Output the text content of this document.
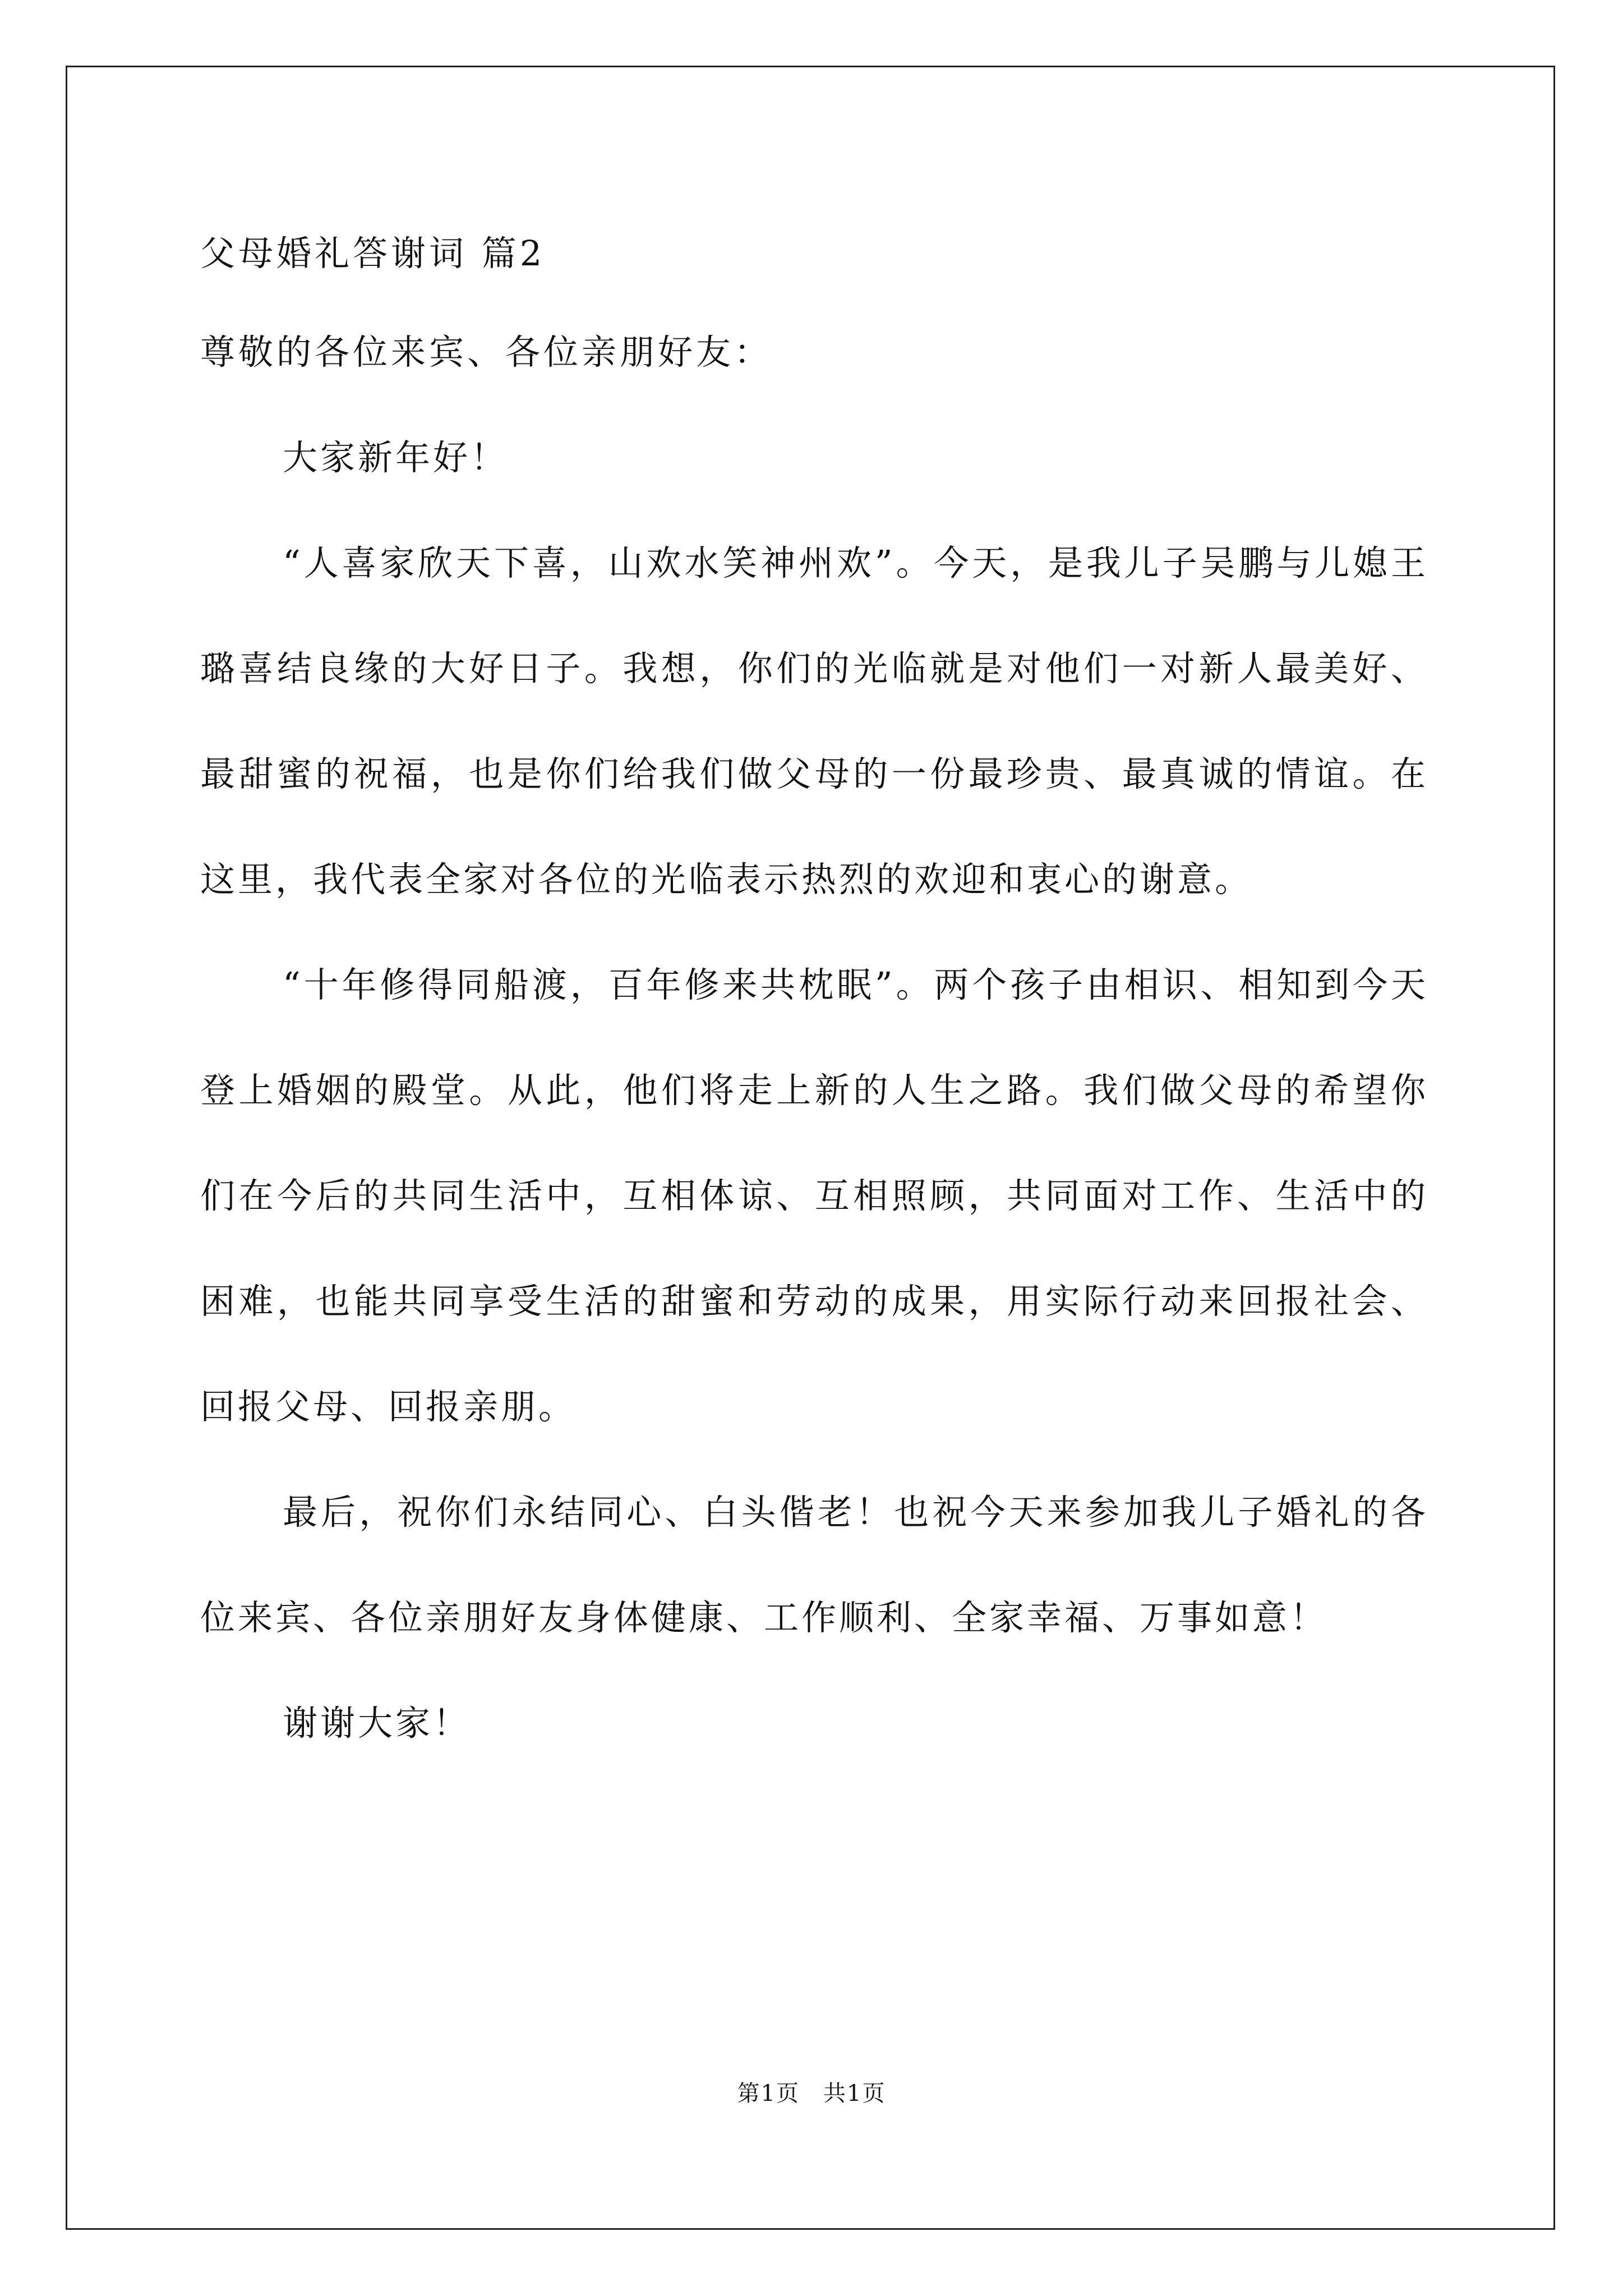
父母婚礼答谢词 篇2
尊敬的各位来宾、各位亲朋好友：

大家新年好！

“人喜家欣天下喜，山欢水笑神州欢”。今天，是我儿子吴鹏与儿媳王璐喜结良缘的大好日子。我想，你们的光临就是对他们一对新人最美好、最甜蜜的祝福，也是你们给我们做父母的一份最珍贵、最真诚的情谊。在这里，我代表全家对各位的光临表示热烈的欢迎和衷心的谢意。

“十年修得同船渡，百年修来共枕眠”。两个孩子由相识、相知到今天登上婚姻的殿堂。从此，他们将走上新的人生之路。我们做父母的希望你们在今后的共同生活中，互相体谅、互相照顾，共同面对工作、生活中的困难，也能共同享受生活的甜蜜和劳动的成果，用实际行动来回报社会、回报父母、回报亲朋。

最后，祝你们永结同心、白头偕老！也祝今天来参加我儿子婚礼的各位来宾、各位亲朋好友身体健康、工作顺利、全家幸福、万事如意！

谢谢大家！

第1页　共1页
